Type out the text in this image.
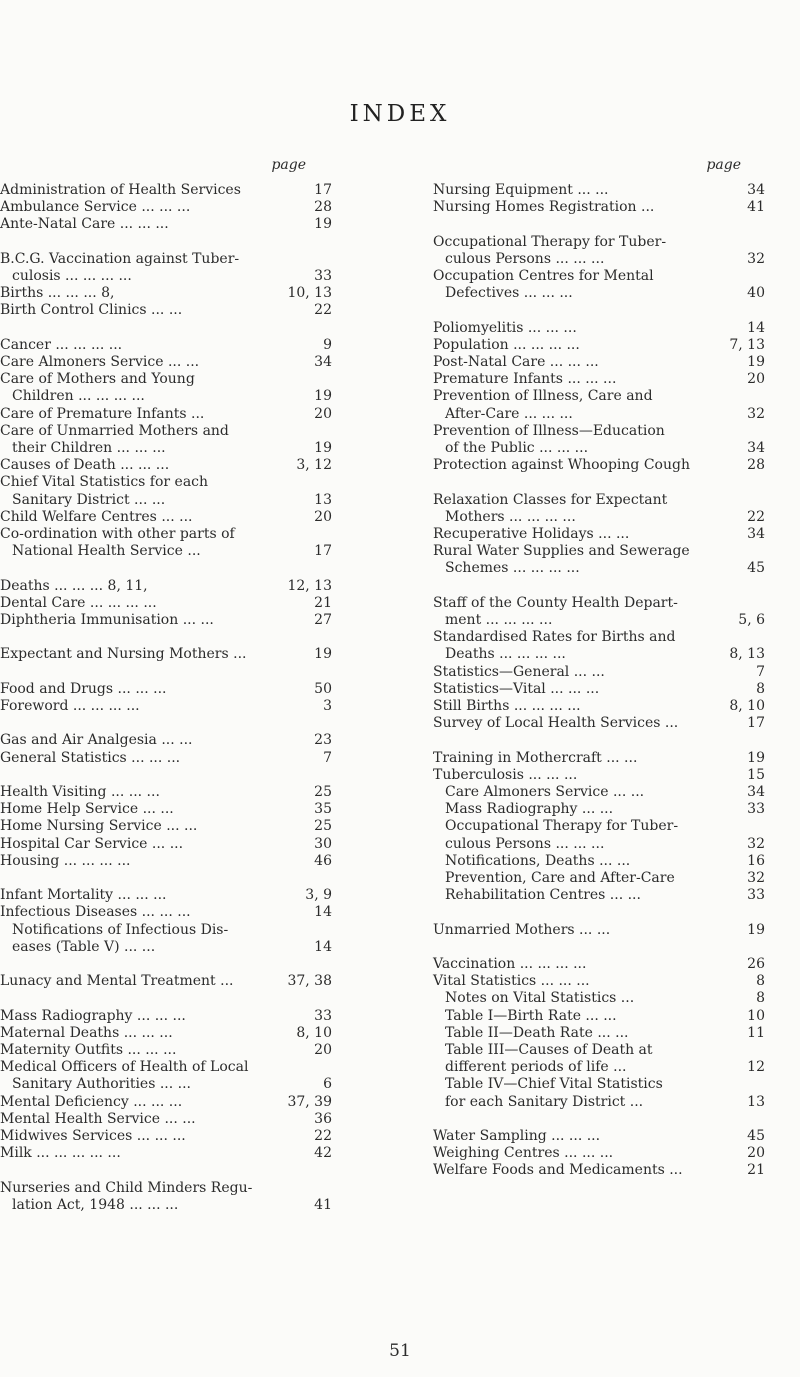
INDEX
page
Administration of Health Services	17
Ambulance Service ... ... ...	28
Ante-Natal Care ... ... ...	19
B.C.G. Vaccination against Tuber-
culosis ... ... ... ...	33
Births ... ... ... 8,	10, 13
Birth Control Clinics ... ...	22
Cancer ... ... ... ...	9
Care Almoners Service ... ...	34
Care of Mothers and Young
Children ... ... ... ...	19
Care of Premature Infants ...	20
Care of Unmarried Mothers and
their Children ... ... ...	19
Causes of Death ... ... ...	3, 12
Chief Vital Statistics for each
Sanitary District ... ...	13
Child Welfare Centres ... ...	20
Co-ordination with other parts of
National Health Service ...	17
Deaths ... ... ... 8, 11,	12, 13
Dental Care ... ... ... ...	21
Diphtheria Immunisation ... ...	27
Expectant and Nursing Mothers ...	19
Food and Drugs ... ... ...	50
Foreword ... ... ... ...	3
Gas and Air Analgesia ... ...	23
General Statistics ... ... ...	7
Health Visiting ... ... ...	25
Home Help Service ... ...	35
Home Nursing Service ... ...	25
Hospital Car Service ... ...	30
Housing ... ... ... ...	46
Infant Mortality ... ... ...	3, 9
Infectious Diseases ... ... ...	14
Notifications of Infectious Dis-
eases (Table V) ... ...	14
Lunacy and Mental Treatment ...	37, 38
Mass Radiography ... ... ...	33
Maternal Deaths ... ... ...	8, 10
Maternity Outfits ... ... ...	20
Medical Officers of Health of Local
Sanitary Authorities ... ...	6
Mental Deficiency ... ... ...	37, 39
Mental Health Service ... ...	36
Midwives Services ... ... ...	22
Milk ... ... ... ... ...	42
Nurseries and Child Minders Regu-
lation Act, 1948 ... ... ...	41
page
Nursing Equipment ... ...	34
Nursing Homes Registration ...	41
Occupational Therapy for Tuber-
culous Persons ... ... ...	32
Occupation Centres for Mental
Defectives ... ... ...	40
Poliomyelitis ... ... ...	14
Population ... ... ... ...	7, 13
Post-Natal Care ... ... ...	19
Premature Infants ... ... ...	20
Prevention of Illness, Care and
After-Care ... ... ...	32
Prevention of Illness—Education
of the Public ... ... ...	34
Protection against Whooping Cough	28
Relaxation Classes for Expectant
Mothers ... ... ... ...	22
Recuperative Holidays ... ...	34
Rural Water Supplies and Sewerage
Schemes ... ... ... ...	45
Staff of the County Health Depart-
ment ... ... ... ...	5, 6
Standardised Rates for Births and
Deaths ... ... ... ...	8, 13
Statistics—General ... ...	7
Statistics—Vital ... ... ...	8
Still Births ... ... ... ...	8, 10
Survey of Local Health Services ...	17
Training in Mothercraft ... ...	19
Tuberculosis ... ... ...	15
Care Almoners Service ... ...	34
Mass Radiography ... ...	33
Occupational Therapy for Tuber-
culous Persons ... ... ...	32
Notifications, Deaths ... ...	16
Prevention, Care and After-Care	32
Rehabilitation Centres ... ...	33
Unmarried Mothers ... ...	19
Vaccination ... ... ... ...	26
Vital Statistics ... ... ...	8
Notes on Vital Statistics ...	8
Table I—Birth Rate ... ...	10
Table II—Death Rate ... ...	11
Table III—Causes of Death at
different periods of life ...	12
Table IV—Chief Vital Statistics
for each Sanitary District ...	13
Water Sampling ... ... ...	45
Weighing Centres ... ... ...	20
Welfare Foods and Medicaments ...	21
51
